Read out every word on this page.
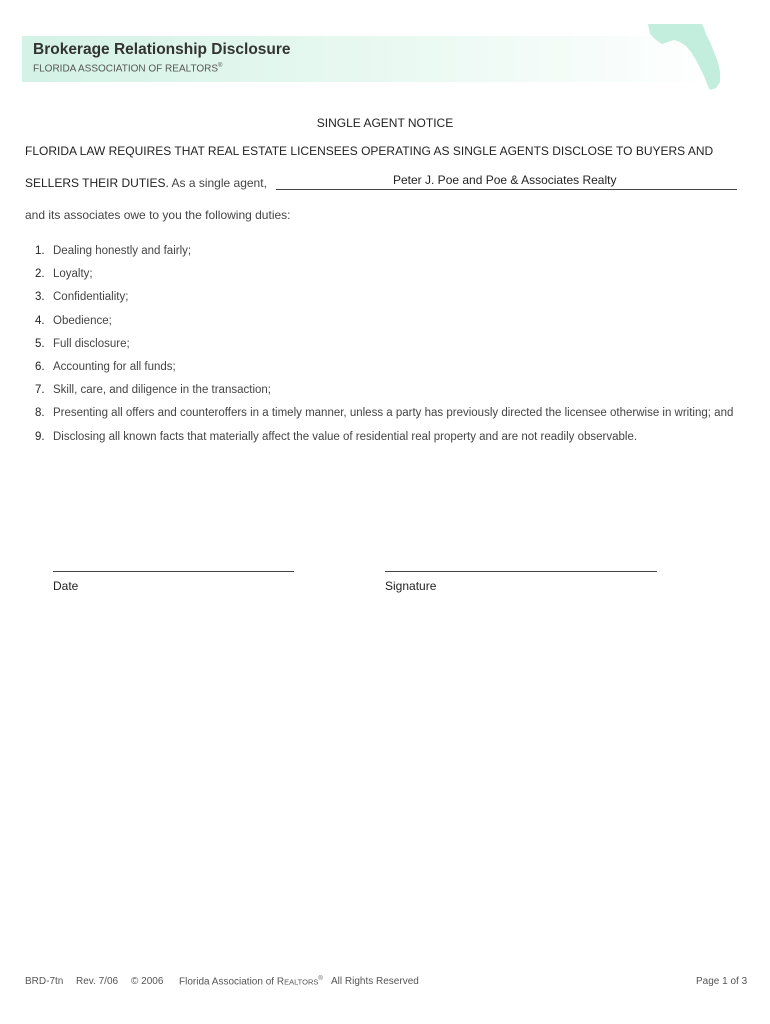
Brokerage Relationship Disclosure
FLORIDA ASSOCIATION OF REALTORS®
SINGLE AGENT NOTICE
FLORIDA LAW REQUIRES THAT REAL ESTATE LICENSEES OPERATING AS SINGLE AGENTS DISCLOSE TO BUYERS AND
SELLERS THEIR DUTIES. As a single agent,	Peter J. Poe and Poe & Associates Realty
and its associates owe to you the following duties:
1. Dealing honestly and fairly;
2. Loyalty;
3. Confidentiality;
4. Obedience;
5. Full disclosure;
6. Accounting for all funds;
7. Skill, care, and diligence in the transaction;
8. Presenting all offers and counteroffers in a timely manner, unless a party has previously directed the licensee otherwise in writing; and
9. Disclosing all known facts that materially affect the value of residential real property and are not readily observable.
Date	Signature
BRD-7tn Rev. 7/06 © 2006 Florida Association of REALTORS® All Rights Reserved	Page 1 of 3
